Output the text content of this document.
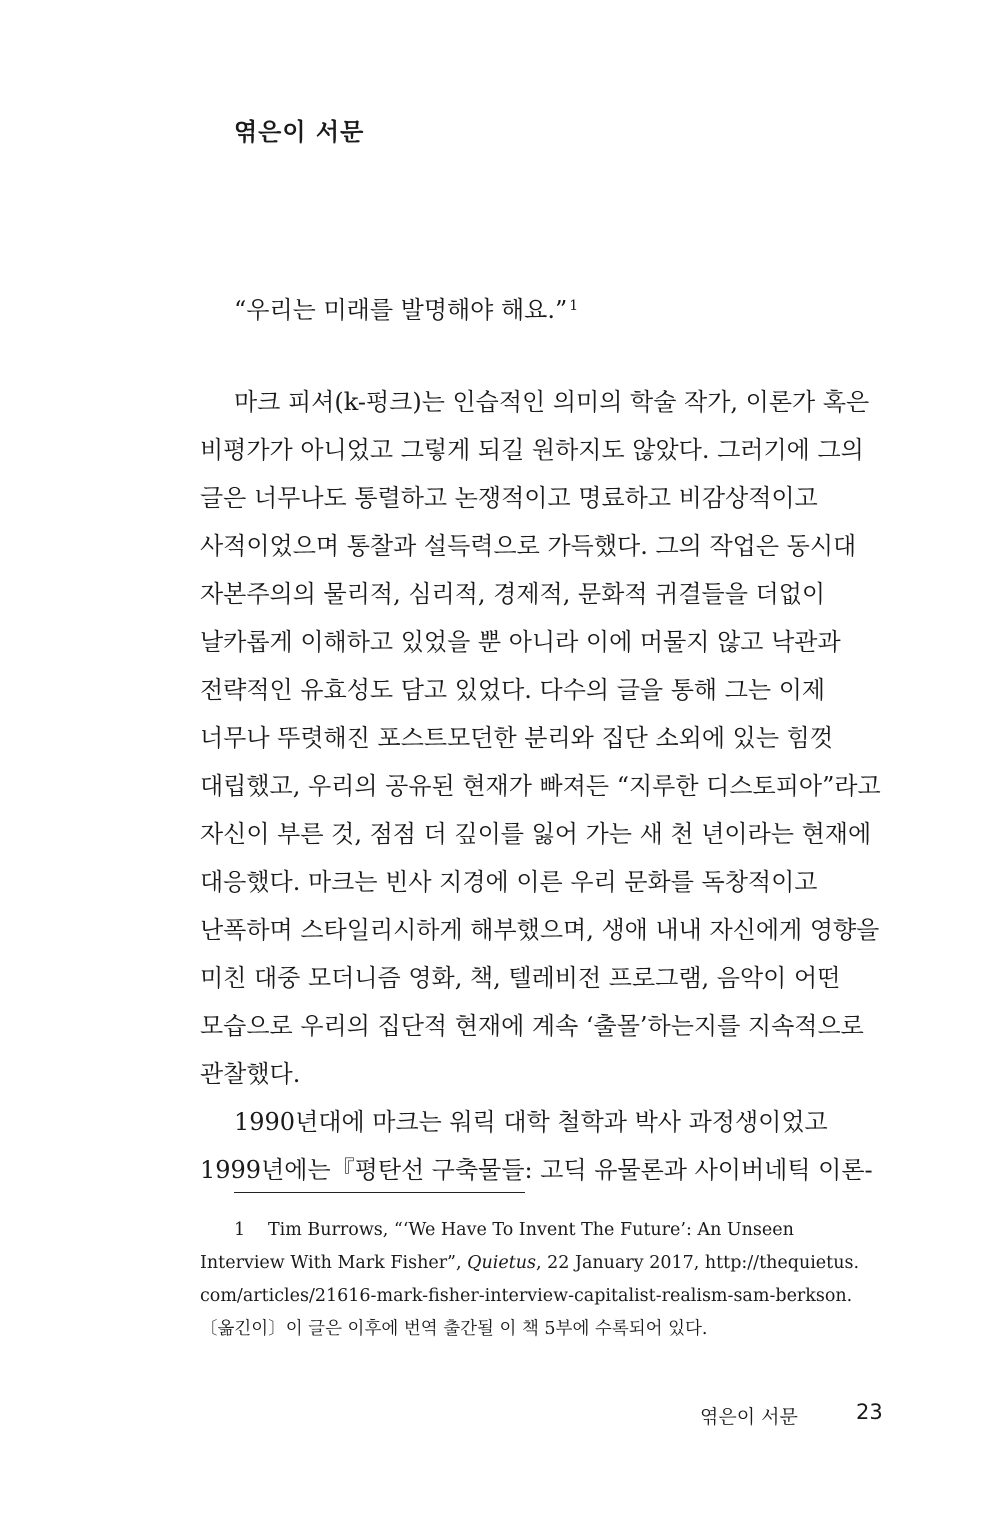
엮은이 서문
“우리는 미래를 발명해야 해요.” $^1$
마크 피셔(k-펑크)는 인습적인 의미의 학술 작가, 이론가 혹은
비평가가 아니었고 그렇게 되길 원하지도 않았다. 그러기에 그의
글은 너무나도 통렬하고 논쟁적이고 명료하고 비감상적이고
사적이었으며 통찰과 설득력으로 가득했다. 그의 작업은 동시대
자본주의의 물리적, 심리적, 경제적, 문화적 귀결들을 더없이
날카롭게 이해하고 있었을 뿐 아니라 이에 머물지 않고 낙관과
전략적인 유효성도 담고 있었다. 다수의 글을 통해 그는 이제
너무나 뚜렷해진 포스트모던한 분리와 집단 소외에 있는 힘껏
대립했고, 우리의 공유된 현재가 빠져든 “지루한 디스토피아”라고
자신이 부른 것, 점점 더 깊이를 잃어 가는 새 천 년이라는 현재에
대응했다. 마크는 빈사 지경에 이른 우리 문화를 독창적이고
난폭하며 스타일리시하게 해부했으며, 생애 내내 자신에게 영향을
미친 대중 모더니즘 영화, 책, 텔레비전 프로그램, 음악이 어떤
모습으로 우리의 집단적 현재에 계속 ‘출몰’하는지를 지속적으로
관찰했다.
1990년대에 마크는 워릭 대학 철학과 박사 과정생이었고
1999년에는『평탄선 구축물들: 고딕 유물론과 사이버네틱 이론-
1 Tim Burrows, “‘We Have To Invent The Future’: An Unseen
Interview With Mark Fisher”, Quietus, 22 January 2017, http://thequietus.
com/articles/21616-mark-fisher-interview-capitalist-realism-sam-berkson.
〔옮긴이〕이 글은 이후에 번역 출간될 이 책 5부에 수록되어 있다.
엮은이 서문	23
